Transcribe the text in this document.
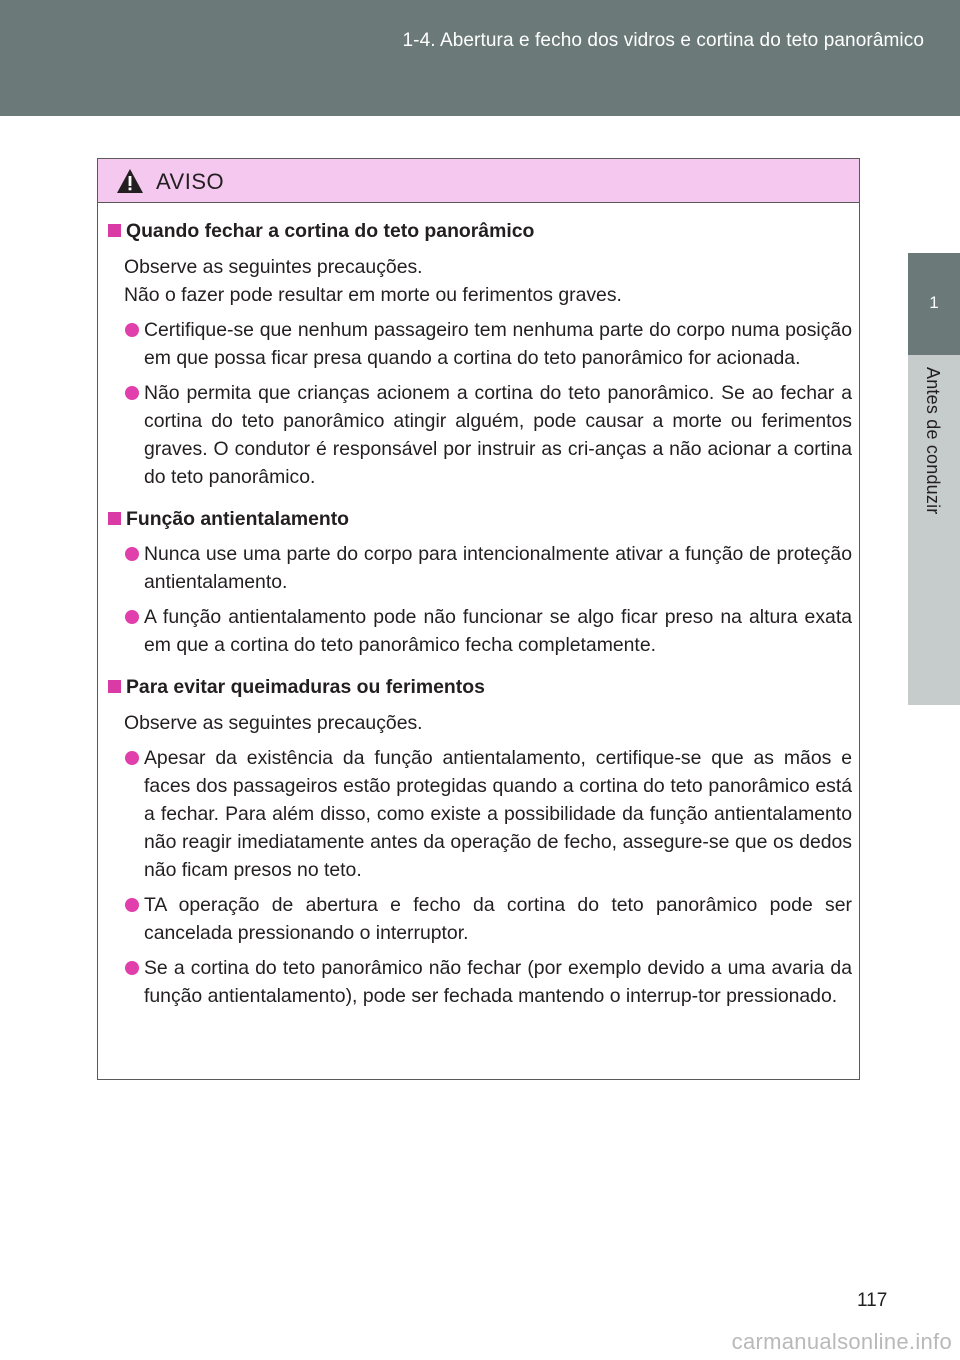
1-4. Abertura e fecho dos vidros e cortina do teto panorâmico
1
Antes de conduzir
AVISO
Quando fechar a cortina do teto panorâmico
Observe as seguintes precauções.
Não o fazer pode resultar em morte ou ferimentos graves.
Certifique-se que nenhum passageiro tem nenhuma parte do corpo numa posição em que possa ficar presa quando a cortina do teto panorâmico for acionada.
Não permita que crianças acionem a cortina do teto panorâmico. Se ao fechar a cortina do teto panorâmico atingir alguém, pode causar a morte ou ferimentos graves. O condutor é responsável por instruir as cri-anças a não acionar a cortina do teto panorâmico.
Função antientalamento
Nunca use uma parte do corpo para intencionalmente ativar a função de proteção antientalamento.
A função antientalamento pode não funcionar se algo ficar preso na altura exata em que a cortina do teto panorâmico fecha completamente.
Para evitar queimaduras ou ferimentos
Observe as seguintes precauções.
Apesar da existência da função antientalamento, certifique-se que as mãos e faces dos passageiros estão protegidas quando a cortina do teto panorâmico está a fechar. Para além disso, como existe a possibilidade da função antientalamento não reagir imediatamente antes da operação de fecho, assegure-se que os dedos não ficam presos no teto.
TA operação de abertura e fecho da cortina do teto panorâmico pode ser cancelada pressionando o interruptor.
Se a cortina do teto panorâmico não fechar (por exemplo devido a uma avaria da função antientalamento), pode ser fechada mantendo o interrup-tor pressionado.
117
carmanualsonline.info
